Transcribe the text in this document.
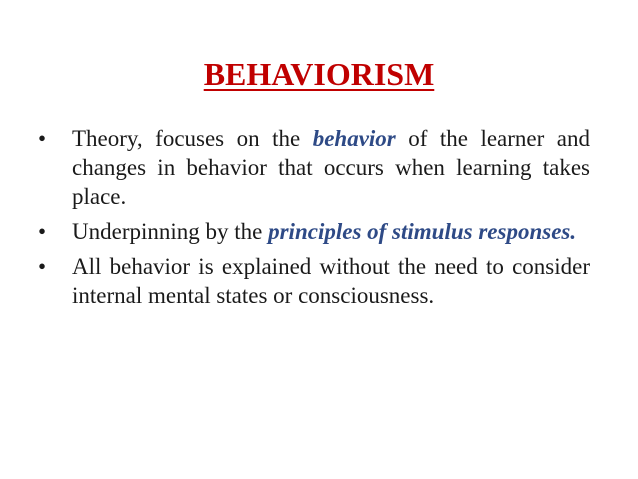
BEHAVIORISM
•	Theory, focuses on the behavior of the learner and changes in behavior that occurs when learning takes place.
•	Underpinning by the principles of stimulus responses.
•	All behavior is explained without the need to consider internal mental states or consciousness.
